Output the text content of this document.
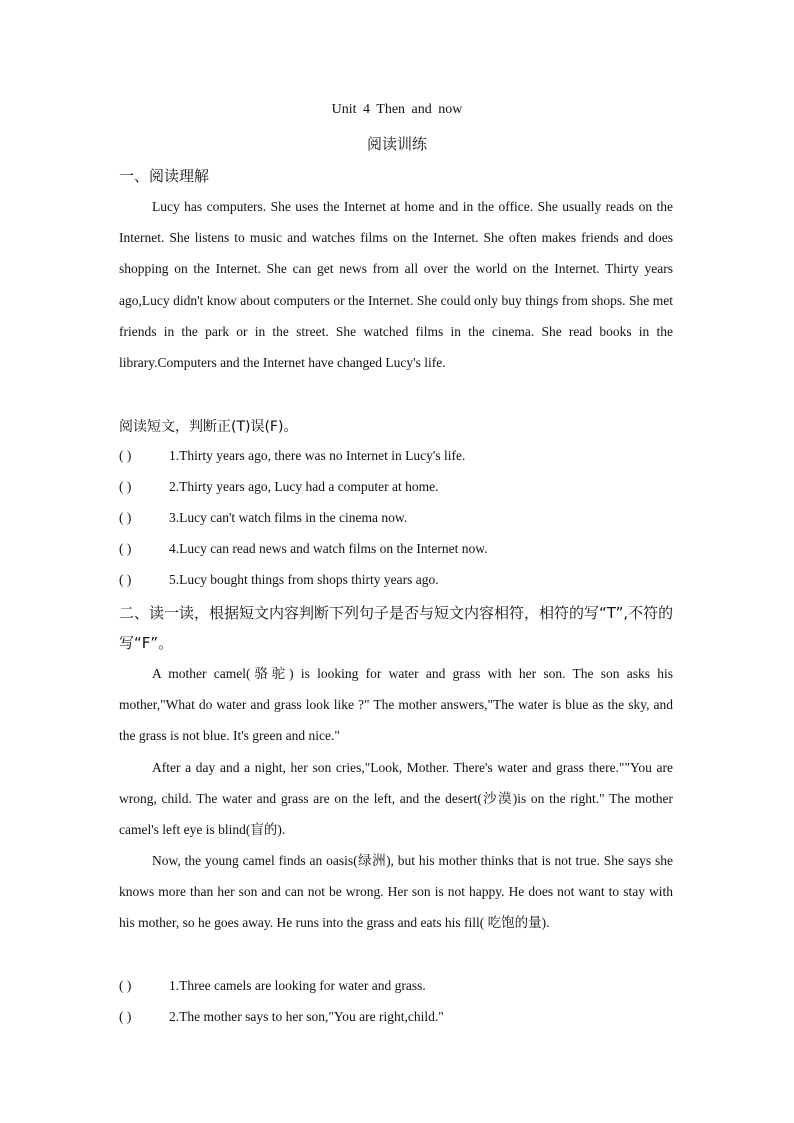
Unit 4 Then and now
阅读训练
一、阅读理解

Lucy has computers. She uses the Internet at home and in the office. She usually reads on the Internet. She listens to music and watches films on the Internet. She often makes friends and does shopping on the Internet. She can get news from all over the world on the Internet. Thirty years ago,Lucy didn't know about computers or the Internet. She could only buy things from shops. She met friends in the park or in the street. She watched films in the cinema. She read books in the library.Computers and the Internet have changed Lucy's life.

阅读短文，判断正(T)误(F)。
( )	1.Thirty years ago, there was no Internet in Lucy's life.
( )	2.Thirty years ago, Lucy had a computer at home.
( )	3.Lucy can't watch films in the cinema now.
( )	4.Lucy can read news and watch films on the Internet now.
( )	5.Lucy bought things from shops thirty years ago.

二、读一读，根据短文内容判断下列句子是否与短文内容相符，相符的写“T”,不符的写“F”。

A mother camel(骆驼) is looking for water and grass with her son. The son asks his mother,"What do water and grass look like ?" The mother answers,"The water is blue as the sky, and the grass is not blue. It's green and nice."

After a day and a night, her son cries,"Look, Mother. There's water and grass there.""You are wrong, child. The water and grass are on the left, and the desert(沙漠)is on the right." The mother camel's left eye is blind(盲的).

Now, the young camel finds an oasis(绿洲), but his mother thinks that is not true. She says she knows more than her son and can not be wrong. Her son is not happy. He does not want to stay with his mother, so he goes away. He runs into the grass and eats his fill( 吃饱的量).

( )	1.Three camels are looking for water and grass.
( )	2.The mother says to her son,"You are right,child."
